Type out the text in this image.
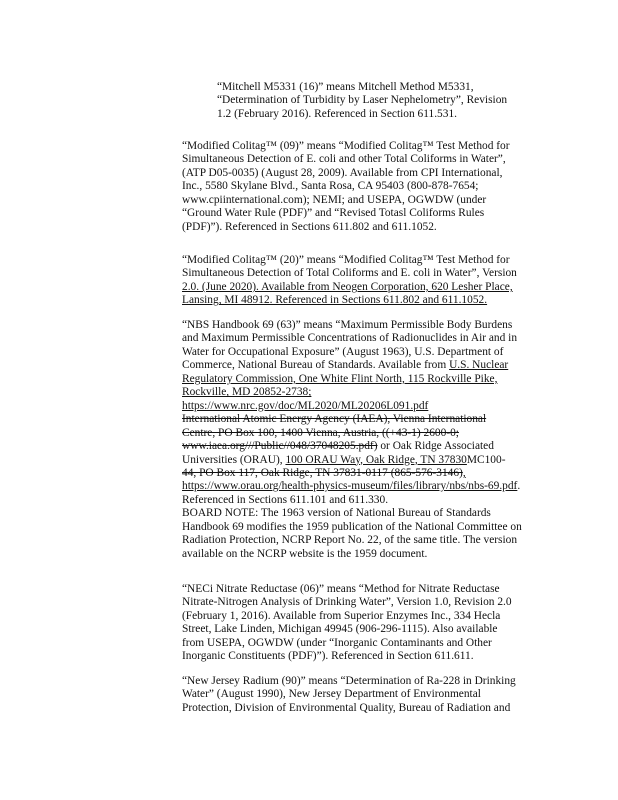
“Mitchell M5331 (16)” means Mitchell Method M5331,
“Determination of Turbidity by Laser Nephelometry”, Revision
1.2 (February 2016). Referenced in Section 611.531.
“Modified Colitag™ (09)” means “Modified Colitag™ Test Method for
Simultaneous Detection of E. coli and other Total Coliforms in Water”,
(ATP D05-0035) (August 28, 2009). Available from CPI International,
Inc., 5580 Skylane Blvd., Santa Rosa, CA 95403 (800-878-7654;
www.cpiinternational.com); NEMI; and USEPA, OGWDW (under
“Ground Water Rule (PDF)” and “Revised Totasl Coliforms Rules
(PDF)”). Referenced in Sections 611.802 and 611.1052.
“Modified Colitag™ (20)” means “Modified Colitag™ Test Method for
Simultaneous Detection of Total Coliforms and E. coli in Water”, Version
2.0. (June 2020). Available from Neogen Corporation, 620 Lesher Place,
Lansing, MI 48912. Referenced in Sections 611.802 and 611.1052.
“NBS Handbook 69 (63)” means “Maximum Permissible Body Burdens
and Maximum Permissible Concentrations of Radionuclides in Air and in
Water for Occupational Exposure” (August 1963), U.S. Department of
Commerce, National Bureau of Standards. Available from U.S. Nuclear
Regulatory Commission, One White Flint North, 115 Rockville Pike,
Rockville, MD 20852-2738;
https://www.nrc.gov/doc/ML2020/ML20206L091.pdf
International Atomic Energy Agency (IAEA), Vienna International
Centre, PO Box 100, 1400 Vienna, Austria, ((+43-1) 2600-0;
www.iaea.org///Public//048/37048205.pdf) or Oak Ridge Associated
Universities (ORAU), 100 ORAU Way, Oak Ridge, TN 37830MC100-
44, PO Box 117, Oak Ridge, TN 37831-0117 (865-576-3146),
https://www.orau.org/health-physics-museum/files/library/nbs/nbs-69.pdf.
Referenced in Sections 611.101 and 611.330.
BOARD NOTE: The 1963 version of National Bureau of Standards
Handbook 69 modifies the 1959 publication of the National Committee on
Radiation Protection, NCRP Report No. 22, of the same title. The version
available on the NCRP website is the 1959 document.
“NECi Nitrate Reductase (06)” means “Method for Nitrate Reductase
Nitrate-Nitrogen Analysis of Drinking Water”, Version 1.0, Revision 2.0
(February 1, 2016). Available from Superior Enzymes Inc., 334 Hecla
Street, Lake Linden, Michigan 49945 (906-296-1115). Also available
from USEPA, OGWDW (under “Inorganic Contaminants and Other
Inorganic Constituents (PDF)”). Referenced in Section 611.611.
“New Jersey Radium (90)” means “Determination of Ra-228 in Drinking
Water” (August 1990), New Jersey Department of Environmental
Protection, Division of Environmental Quality, Bureau of Radiation and
